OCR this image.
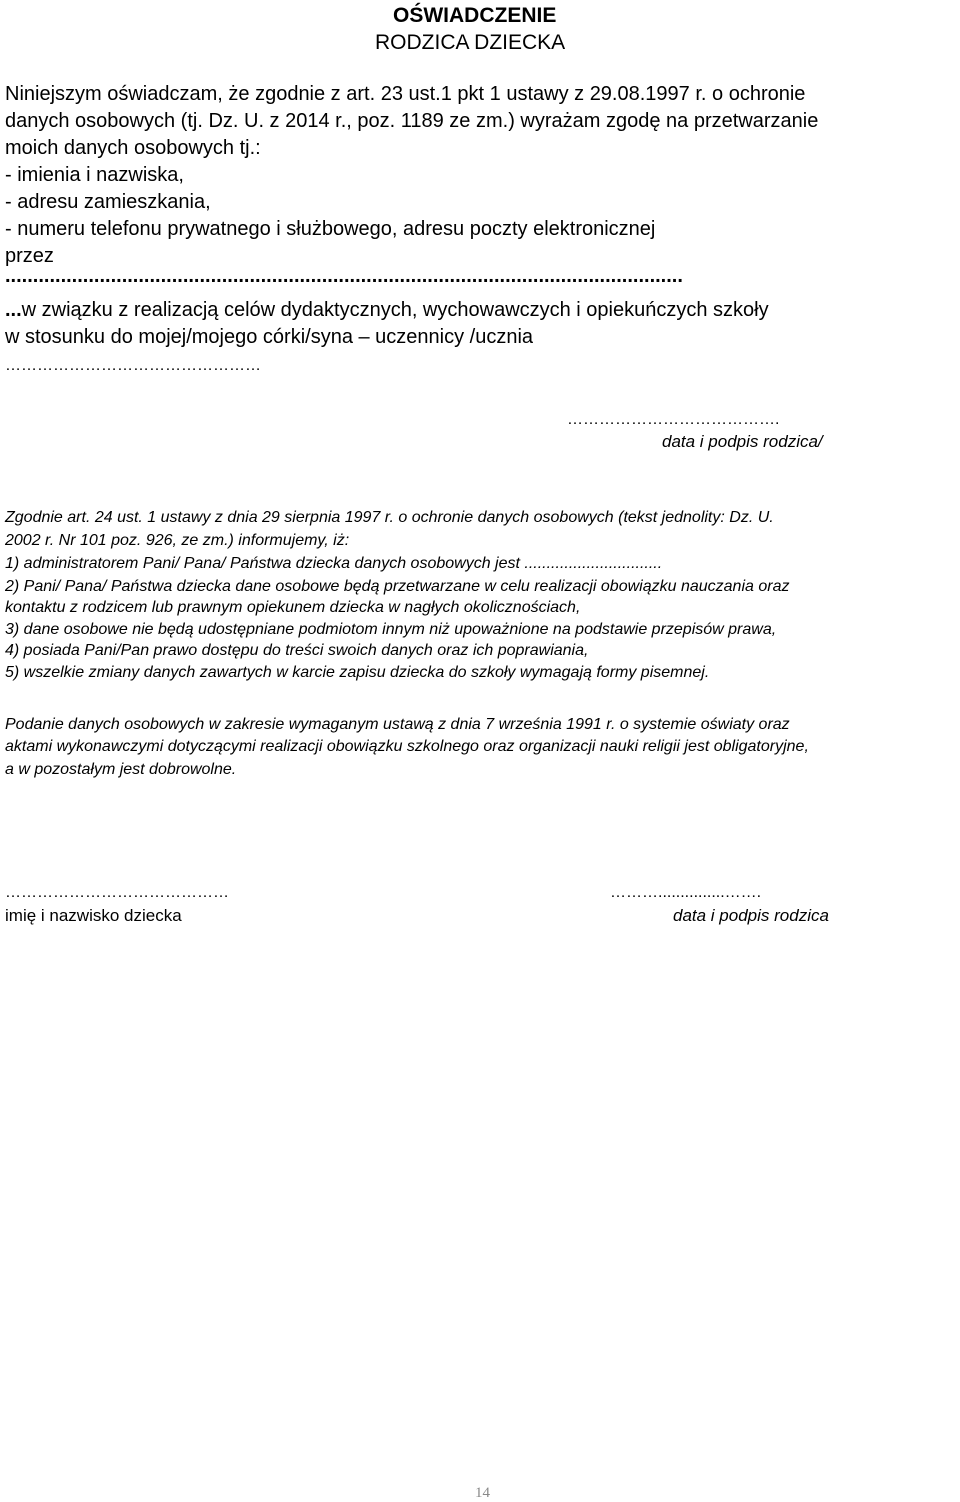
OŚWIADCZENIE
RODZICA DZIECKA
Niniejszym oświadczam, że zgodnie z art. 23 ust.1 pkt 1 ustawy z 29.08.1997 r. o ochronie
danych osobowych (tj. Dz. U. z 2014 r., poz. 1189 ze zm.) wyrażam zgodę na przetwarzanie
moich danych osobowych tj.:
- imienia i nazwiska,
- adresu zamieszkania,
- numeru telefonu prywatnego i służbowego, adresu poczty elektronicznej
przez
..........................................................................................................................
...w związku z realizacją celów dydaktycznych, wychowawczych i opiekuńczych szkoły
w stosunku do mojej/mojego córki/syna – uczennicy /ucznia
…………………………………………
………………………………….
data i podpis rodzica/
Zgodnie art. 24 ust. 1 ustawy z dnia 29 sierpnia 1997 r. o ochronie danych osobowych (tekst jednolity: Dz. U.
2002 r. Nr 101 poz. 926, ze zm.) informujemy, iż:
1) administratorem Pani/ Pana/ Państwa dziecka danych osobowych jest ...............................
2) Pani/ Pana/ Państwa dziecka dane osobowe będą przetwarzane w celu realizacji obowiązku nauczania oraz
kontaktu z rodzicem lub prawnym opiekunem dziecka w nagłych okolicznościach,
3) dane osobowe nie będą udostępniane podmiotom innym niż upoważnione na podstawie przepisów prawa,
4) posiada Pani/Pan prawo dostępu do treści swoich danych oraz ich poprawiania,
5) wszelkie zmiany danych zawartych w karcie zapisu dziecka do szkoły wymagają formy pisemnej.
Podanie danych osobowych w zakresie wymaganym ustawą z dnia 7 września 1991 r. o systemie oświaty oraz
aktami wykonawczymi dotyczącymi realizacji obowiązku szkolnego oraz organizacji nauki religii jest obligatoryjne,
a w pozostałym jest dobrowolne.
……………………………………
imię i nazwisko dziecka
………...............…….
data i podpis rodzica
14
